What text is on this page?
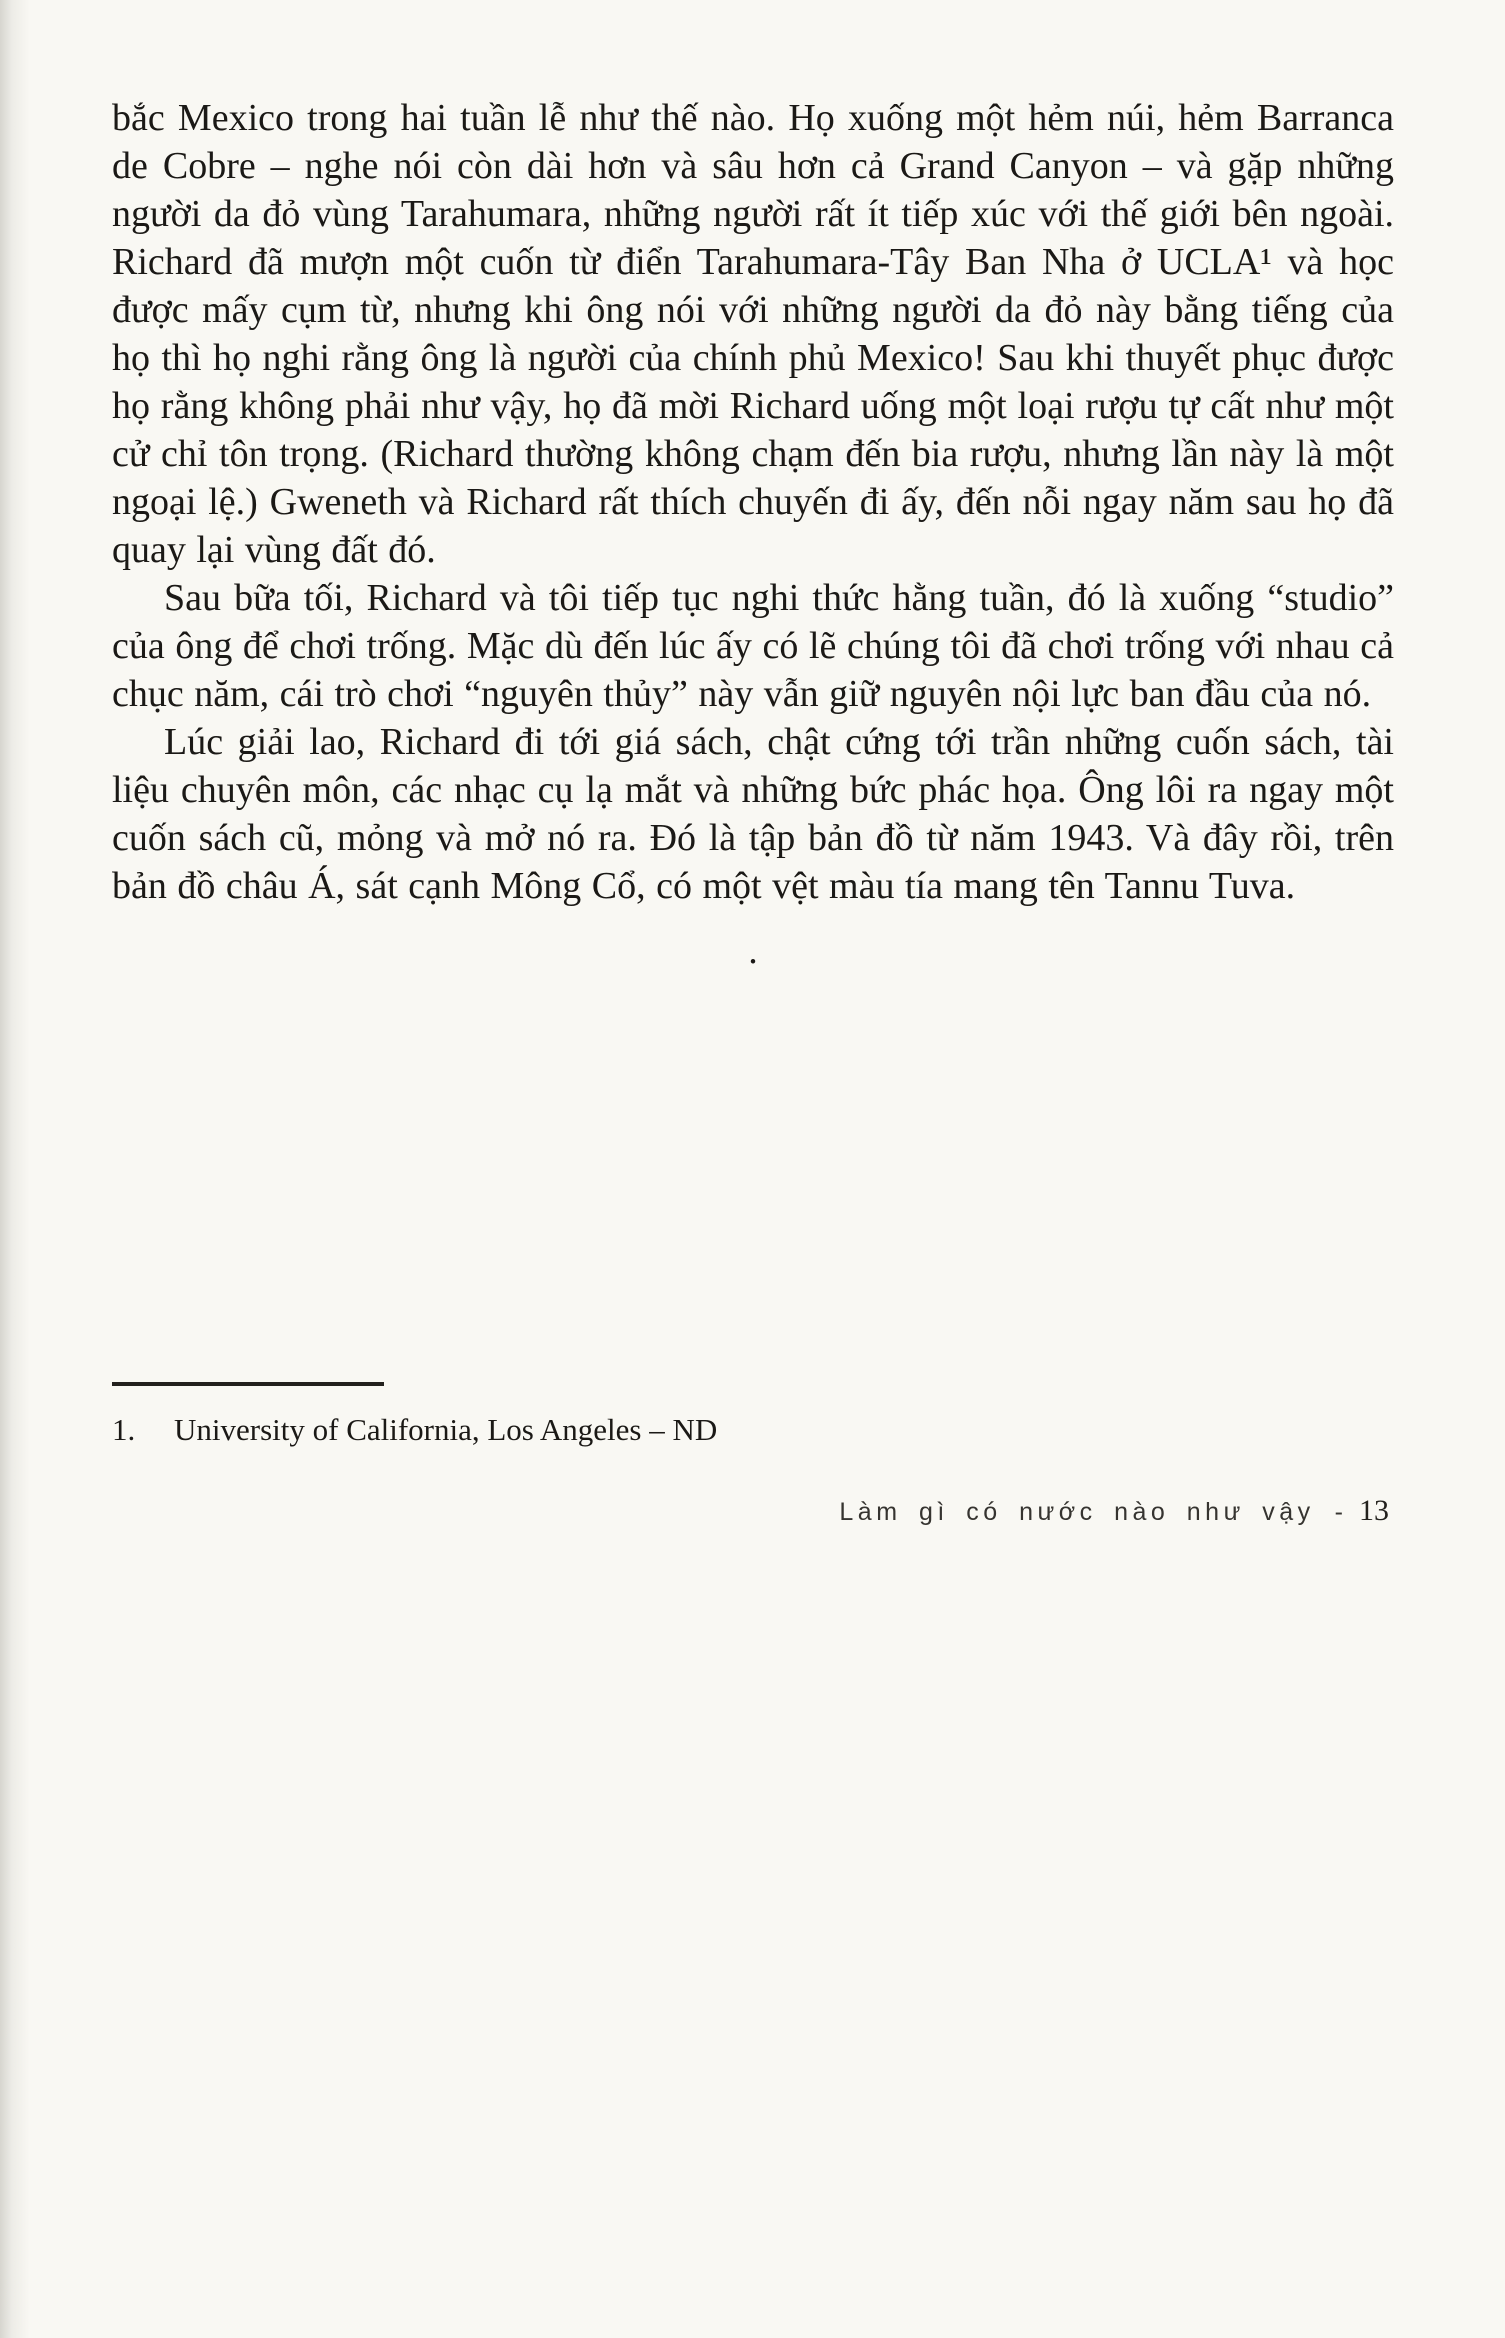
bắc Mexico trong hai tuần lễ như thế nào. Họ xuống một hẻm núi, hẻm Barranca de Cobre – nghe nói còn dài hơn và sâu hơn cả Grand Canyon – và gặp những người da đỏ vùng Tarahumara, những người rất ít tiếp xúc với thế giới bên ngoài. Richard đã mượn một cuốn từ điển Tarahumara-Tây Ban Nha ở UCLA¹ và học được mấy cụm từ, nhưng khi ông nói với những người da đỏ này bằng tiếng của họ thì họ nghi rằng ông là người của chính phủ Mexico! Sau khi thuyết phục được họ rằng không phải như vậy, họ đã mời Richard uống một loại rượu tự cất như một cử chỉ tôn trọng. (Richard thường không chạm đến bia rượu, nhưng lần này là một ngoại lệ.) Gweneth và Richard rất thích chuyến đi ấy, đến nỗi ngay năm sau họ đã quay lại vùng đất đó.

Sau bữa tối, Richard và tôi tiếp tục nghi thức hằng tuần, đó là xuống “studio” của ông để chơi trống. Mặc dù đến lúc ấy có lẽ chúng tôi đã chơi trống với nhau cả chục năm, cái trò chơi “nguyên thủy” này vẫn giữ nguyên nội lực ban đầu của nó.

Lúc giải lao, Richard đi tới giá sách, chật cứng tới trần những cuốn sách, tài liệu chuyên môn, các nhạc cụ lạ mắt và những bức phác họa. Ông lôi ra ngay một cuốn sách cũ, mỏng và mở nó ra. Đó là tập bản đồ từ năm 1943. Và đây rồi, trên bản đồ châu Á, sát cạnh Mông Cổ, có một vệt màu tía mang tên Tannu Tuva.

.

1. University of California, Los Angeles – ND

Làm gì có nước nào như vậy - 13
